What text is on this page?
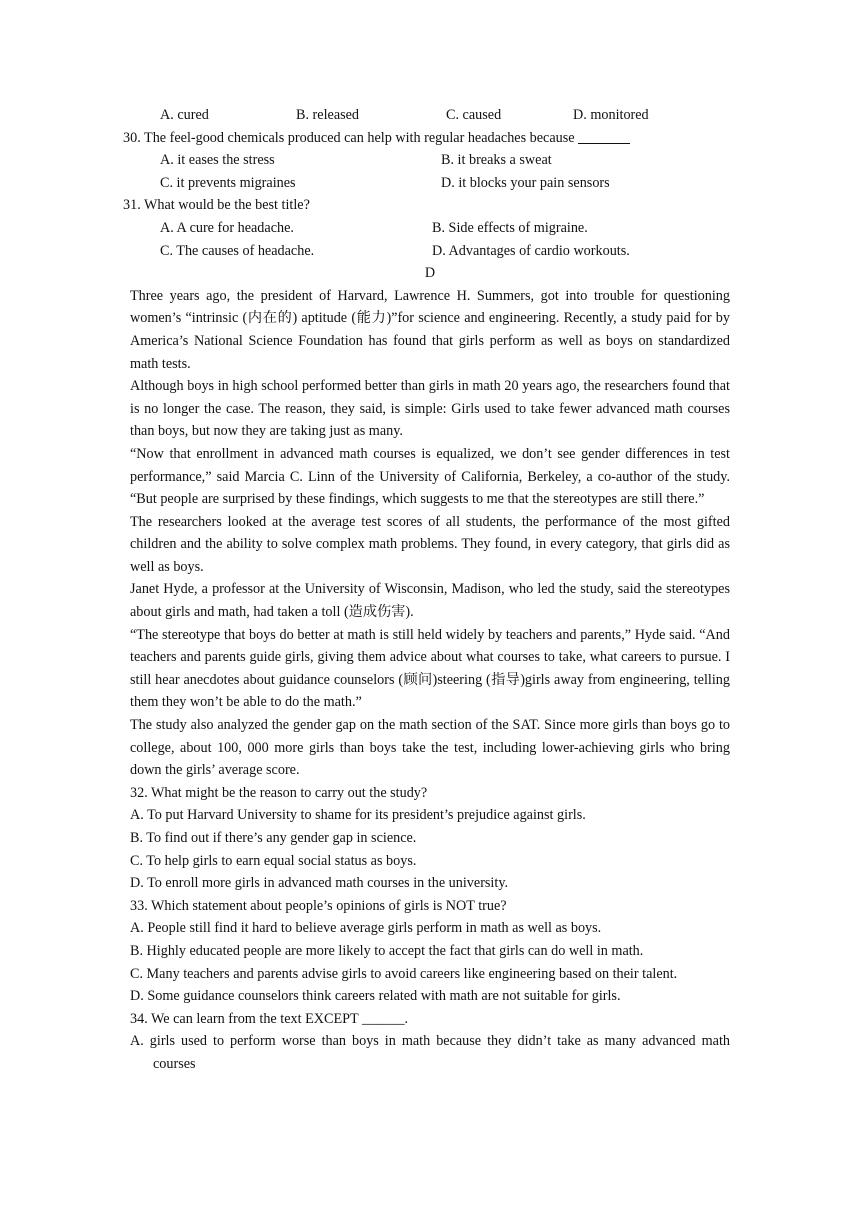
A. cured	B. released	C. caused	D. monitored
30. The feel-good chemicals produced can help with regular headaches because
A. it eases the stress	B. it breaks a sweat
C. it prevents migraines	D. it blocks your pain sensors
31. What would be the best title?
A. A cure for headache.	B. Side effects of migraine.
C. The causes of headache.	D. Advantages of cardio workouts.
D
Three years ago, the president of Harvard, Lawrence H. Summers, got into trouble for questioning women’s “intrinsic (内在的) aptitude (能力)”for science and engineering. Recently, a study paid for by America’s National Science Foundation has found that girls perform as well as boys on standardized math tests.
Although boys in high school performed better than girls in math 20 years ago, the researchers found that is no longer the case. The reason, they said, is simple: Girls used to take fewer advanced math courses than boys, but now they are taking just as many.
“Now that enrollment in advanced math courses is equalized, we don’t see gender differences in test performance,” said Marcia C. Linn of the University of California, Berkeley, a co-author of the study. “But people are surprised by these findings, which suggests to me that the stereotypes are still there.”
The researchers looked at the average test scores of all students, the performance of the most gifted children and the ability to solve complex math problems. They found, in every category, that girls did as well as boys.
Janet Hyde, a professor at the University of Wisconsin, Madison, who led the study, said the stereotypes about girls and math, had taken a toll (造成伤害).
“The stereotype that boys do better at math is still held widely by teachers and parents,” Hyde said. “And teachers and parents guide girls, giving them advice about what courses to take, what careers to pursue. I still hear anecdotes about guidance counselors (顾问)steering (指导)girls away from engineering, telling them they won’t be able to do the math.”
The study also analyzed the gender gap on the math section of the SAT. Since more girls than boys go to college, about 100, 000 more girls than boys take the test, including lower-achieving girls who bring down the girls’ average score.
32. What might be the reason to carry out the study?
A. To put Harvard University to shame for its president’s prejudice against girls.
B. To find out if there’s any gender gap in science.
C. To help girls to earn equal social status as boys.
D. To enroll more girls in advanced math courses in the university.
33. Which statement about people’s opinions of girls is NOT true?
A. People still find it hard to believe average girls perform in math as well as boys.
B. Highly educated people are more likely to accept the fact that girls can do well in math.
C. Many teachers and parents advise girls to avoid careers like engineering based on their talent.
D. Some guidance counselors think careers related with math are not suitable for girls.
34. We can learn from the text EXCEPT ______.
A. girls used to perform worse than boys in math because they didn’t take as many advanced math courses
